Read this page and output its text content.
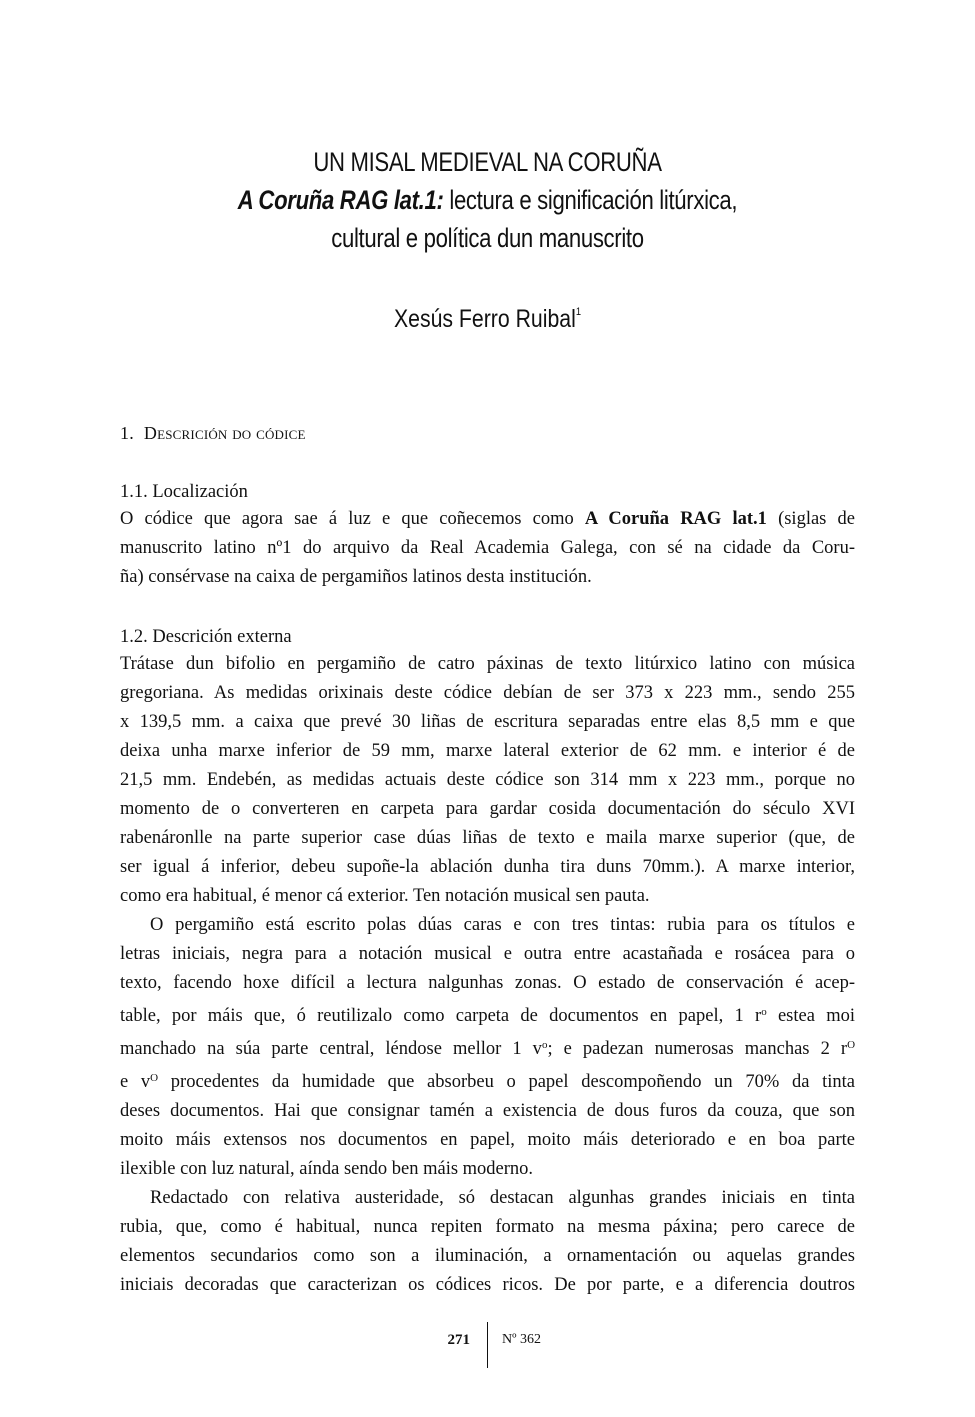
UN MISAL MEDIEVAL NA CORUÑA
A Coruña RAG lat.1: lectura e significación litúrxica,
cultural e política dun manuscrito
Xesús Ferro Ruibal$^1$
1. Descrición do códice
1.1. Localización
O códice que agora sae á luz e que coñecemos como A Coruña RAG lat.1 (siglas de
manuscrito latino nº1 do arquivo da Real Academia Galega, con sé na cidade da Coru-
ña) consérvase na caixa de pergamiños latinos desta institución.
1.2. Descrición externa
Trátase dun bifolio en pergamiño de catro páxinas de texto litúrxico latino con música
gregoriana. As medidas orixinais deste códice debían de ser 373 x 223 mm., sendo 255
x 139,5 mm. a caixa que prevé 30 liñas de escritura separadas entre elas 8,5 mm e que
deixa unha marxe inferior de 59 mm, marxe lateral exterior de 62 mm. e interior é de
21,5 mm. Endebén, as medidas actuais deste códice son 314 mm x 223 mm., porque no
momento de o converteren en carpeta para gardar cosida documentación do século XVI
rabenáronlle na parte superior case dúas liñas de texto e maila marxe superior (que, de
ser igual á inferior, debeu supoñe-la ablación dunha tira duns 70mm.). A marxe interior,
como era habitual, é menor cá exterior. Ten notación musical sen pauta.
O pergamiño está escrito polas dúas caras e con tres tintas: rubia para os títulos e
letras iniciais, negra para a notación musical e outra entre acastañada e rosácea para o
texto, facendo hoxe difícil a lectura nalgunhas zonas. O estado de conservación é acep-
table, por máis que, ó reutilizalo como carpeta de documentos en papel, 1 $r^o$ estea moi
manchado na súa parte central, léndose mellor 1 $v^o$; e padezan numerosas manchas 2 $r^O$
e $v^O$ procedentes da humidade que absorbeu o papel descompoñendo un 70% da tinta
deses documentos. Hai que consignar tamén a existencia de dous furos da couza, que son
moito máis extensos nos documentos en papel, moito máis deteriorado e en boa parte
ilexible con luz natural, aínda sendo ben máis moderno.
Redactado con relativa austeridade, só destacan algunhas grandes iniciais en tinta
rubia, que, como é habitual, nunca repiten formato na mesma páxina; pero carece de
elementos secundarios como son a iluminación, a ornamentación ou aquelas grandes
iniciais decoradas que caracterizan os códices ricos. De por parte, e a diferencia doutros
271 Nº 362
